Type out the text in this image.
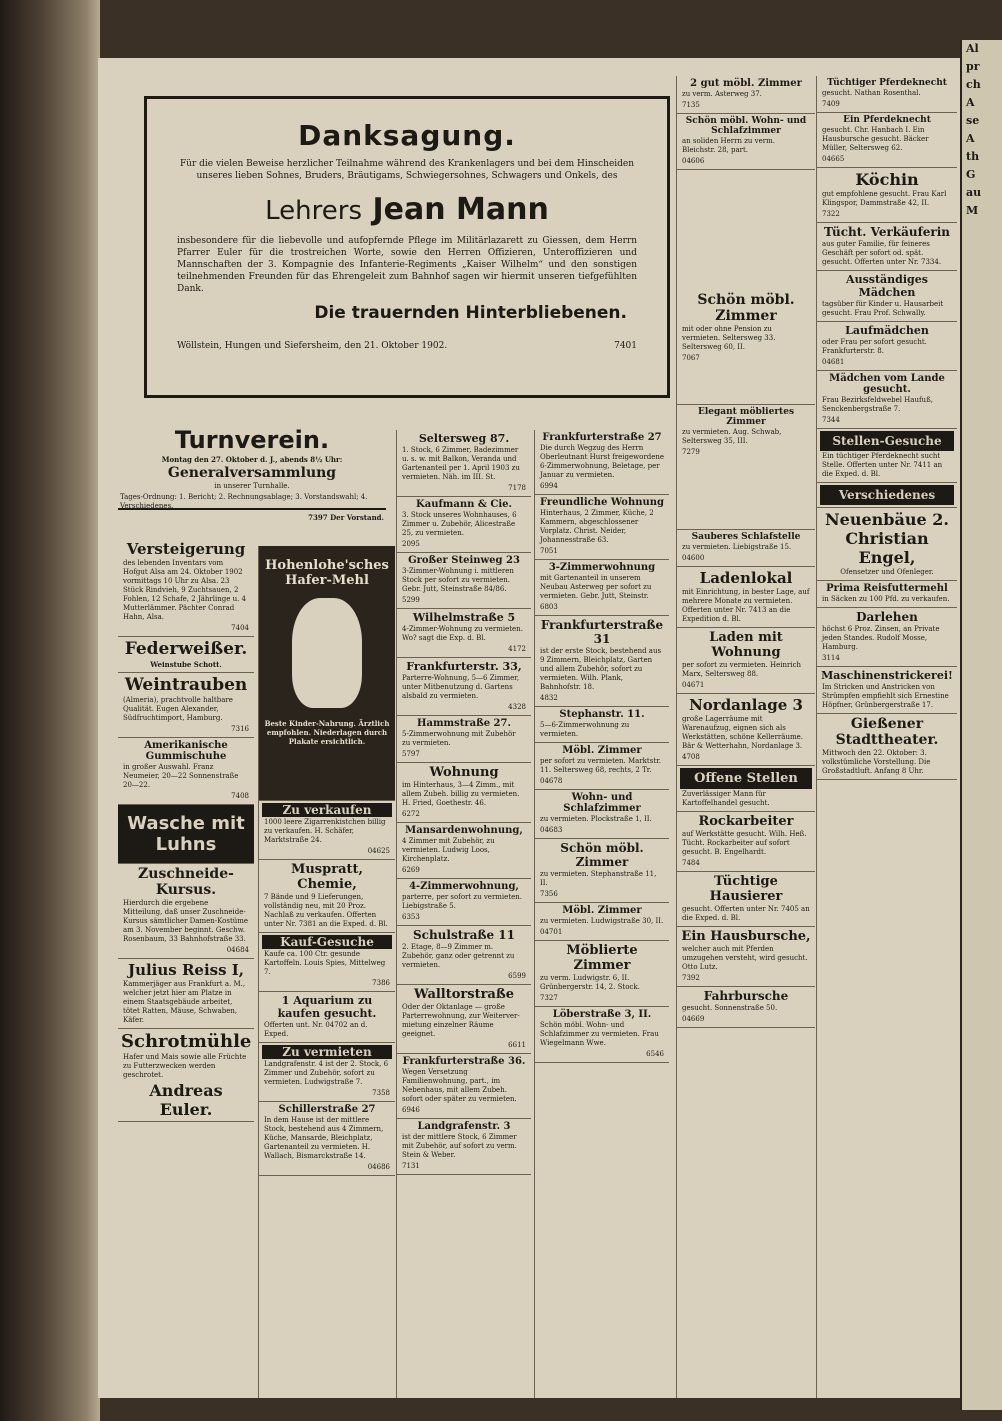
Danksagung.

Für die vielen Beweise herzlicher Teilnahme während des Krankenlagers und bei dem Hinscheiden unseres lieben Sohnes, Bruders, Bräutigams, Schwiegersohnes, Schwagers und Onkels, des

Lehrers Jean Mann

insbesondere für die liebevolle und aufopfernde Pflege im Militärlazarett zu Giessen, dem Herrn Pfarrer Euler für die trostreichen Worte, sowie den Herren Offizieren, Unteroffizieren und Mannschaften der 3. Kompagnie des Infanterie-Regiments „Kaiser Wilhelm“ und den sonstigen teilnehmenden Freunden für das Ehrengeleit zum Bahnhof sagen wir hiermit unseren tiefgefühlten Dank.

Die trauernden Hinterbliebenen.
Wöllstein, Hungen und Siefersheim, den 21. Oktober 1902.	7401
Turnverein.
Montag den 27. Oktober d. J., abends 8½ Uhr:
Generalversammlung
in unserer Turnhalle.
Tages-Ordnung: 1. Bericht; 2. Rechnungsablage; 3. Vorstandswahl; 4. Verschiedenes.
7397 Der Vorstand.
Versteigerung

des lebenden Inventars vom Hofgut Alsa am 24. Oktober 1902 vormittags 10 Uhr zu Alsa. 23 Stück Rindvieh, 9 Zuchtsauen, 2 Fohlen, 12 Schafe, 2 Jährlinge u. 4 Mutterlämmer. Pächter Conrad Hahn, Alsa.

7404

Federweißer.

Weinstube Schott.

Weintrauben

(Almeria), prachtvolle haltbare Qualität. Eugen Alexander, Südfruchtimport, Hamburg.

7316

Amerikanische Gummischuhe

in großer Auswahl. Franz Neumeier, 20—22 Sonnenstraße 20—22.

7408

Wasche mit Luhns
Zuschneide-Kursus.

Hierdurch die ergebene Mitteilung, daß unser Zuschneide-Kursus sämtlicher Damen-Kostüme am 3. November beginnt. Geschw. Rosenbaum, 33 Bahnhofstraße 33.

04684

Julius Reiss I,

Kammerjäger aus Frankfurt a. M., welcher jetzt hier am Platze in einem Staatsgebäude arbeitet, tötet Ratten, Mäuse, Schwaben, Käfer.

Schrotmühle

Hafer und Mais sowie alle Früchte zu Futterzwecken werden geschrotet.

Andreas Euler.
Hohenlohe'sches Hafer-Mehl

Beste Kinder-Nahrung. Ärztlich empfohlen. Niederlagen durch Plakate ersichtlich.

Zu verkaufen

1000 leere Zigarrenkistchen billig zu verkaufen. H. Schäfer, Marktstraße 24.

04625

Muspratt, Chemie,

7 Bände und 9 Lieferungen, vollständig neu, mit 20 Proz. Nachlaß zu verkaufen. Offerten unter Nr. 7381 an die Exped. d. Bl.

Kauf-Gesuche

Kaufe ca. 100 Ctr. gesunde Kartoffeln. Louis Spies, Mittelweg 7.

7386

1 Aquarium zu kaufen gesucht.

Offerten unt. Nr. 04702 an d. Exped.

Zu vermieten

Landgrafenstr. 4 ist der 2. Stock, 6 Zimmer und Zubehör, sofort zu vermieten. Ludwigstraße 7.

7358

Schillerstraße 27

In dem Hause ist der mittlere Stock, bestehend aus 4 Zimmern, Küche, Mansarde, Bleichplatz, Gartenanteil zu vermieten. H. Wallach, Bismarckstraße 14.

04686

Seltersweg 87.

1. Stock, 6 Zimmer, Badezimmer u. s. w. mit Balkon, Veranda und Gartenanteil per 1. April 1903 zu vermieten. Näh. im III. St.

7178

Kaufmann & Cie.

3. Stock unseres Wohnhauses, 6 Zimmer u. Zubehör, Alicestraße 25, zu vermieten.

2095

Großer Steinweg 23

3-Zimmer-Wohnung i. mittleren Stock per sofort zu vermieten. Gebr. Jutt, Steinstraße 84/86.

5299

Wilhelmstraße 5

4-Zimmer-Wohnung zu vermieten. Wo? sagt die Exp. d. Bl.

4172

Frankfurterstr. 33,

Parterre-Wohnung, 5—6 Zimmer, unter Mitbenutzung d. Gartens alsbald zu vermieten.

4328

Hammstraße 27.

5-Zimmerwohnung mit Zubehör zu vermieten.

5797

Wohnung

im Hinterhaus, 3—4 Zimm., mit allem Zubeh. billig zu vermieten. H. Fried, Goethestr. 46.

6272

Mansardenwohnung,

4 Zimmer mit Zubehör, zu vermieten. Ludwig Loos, Kirchenplatz.

6269

4-Zimmerwohnung,

parterre, per sofort zu vermieten. Liebigstraße 5.

6353

Schulstraße 11

2. Etage, 8—9 Zimmer m. Zubehör, ganz oder getrennt zu vermieten.

6599

Walltorstraße

Oder der Oktanlage — große Parterrewohnung, zur Weitervermietung einzelner Räume geeignet.

6611

Frankfurterstraße 36.

Wegen Versetzung Familienwohnung, part., im Nebenhaus, mit allem Zubeh. sofort oder später zu vermieten.

6946

Landgrafenstr. 3

ist der mittlere Stock, 6 Zimmer mit Zubehör, auf sofort zu verm. Stein & Weber.

7131

Frankfurterstraße 27

Die durch Wegzug des Herrn Oberleutnant Hurst freigewordene 6-Zimmerwohnung, Beletage, per Januar zu vermieten.

6994

Freundliche Wohnung

Hinterhaus, 2 Zimmer, Küche, 2 Kammern, abgeschlossener Vorplatz. Christ. Neider, Johannesstraße 63.

7051

3-Zimmerwohnung

mit Gartenanteil in unserem Neubau Asterweg per sofort zu vermieten. Gebr. Jutt, Steinstr.

6803

Frankfurterstraße 31

ist der erste Stock, bestehend aus 9 Zimmern, Bleichplatz, Garten und allem Zubehör, sofort zu vermieten. Wilh. Plank, Bahnhofstr. 18.

4832

Stephanstr. 11.

5—6-Zimmerwohnung zu vermieten.

Möbl. Zimmer

per sofort zu vermieten. Marktstr. 11. Seltersweg 68, rechts, 2 Tr.

04678

Wohn- und Schlafzimmer

zu vermieten. Plockstraße 1, II.

04683

Schön möbl. Zimmer

zu vermieten. Stephanstraße 11, II.

7356

Möbl. Zimmer

zu vermieten. Ludwigstraße 30, II.

04701

Möblierte Zimmer

zu verm. Ludwigstr. 6, II. Grünbergerstr. 14, 2. Stock.

7327

Löberstraße 3, II.

Schön möbl. Wohn- und Schlafzimmer zu vermieten. Frau Wiegelmann Wwe.

6546

2 gut möbl. Zimmer

zu verm. Asterweg 37.

7135

Schön möbl. Wohn- und Schlafzimmer

an soliden Herrn zu verm. Bleichstr. 28, part.

04606

Schön möbl. Zimmer

mit oder ohne Pension zu vermieten. Seltersweg 33. Seltersweg 60, II.

7067

Elegant möbliertes Zimmer

zu vermieten. Aug. Schwab, Seltersweg 35, III.

7279

Sauberes Schlafstelle

zu vermieten. Liebigstraße 15.

04600

Ladenlokal

mit Einrichtung, in bester Lage, auf mehrere Monate zu vermieten. Offerten unter Nr. 7413 an die Expedition d. Bl.

Laden mit Wohnung

per sofort zu vermieten. Heinrich Marx, Seltersweg 88.

04671

Nordanlage 3

große Lagerräume mit Warenaufzug, eignen sich als Werkstätten, schöne Kellerräume. Bär & Wetterhahn, Nordanlage 3.

4708

Offene Stellen

Zuverlässiger Mann für Kartoffelhandel gesucht.

Rockarbeiter

auf Werkstätte gesucht. Wilh. Heß. Tücht. Rockarbeiter auf sofort gesucht. B. Engelhardt.

7484

Tüchtige Hausierer

gesucht. Offerten unter Nr. 7405 an die Exped. d. Bl.

Ein Hausbursche,

welcher auch mit Pferden umzugehen versteht, wird gesucht. Otto Lutz.

7392

Fahrbursche

gesucht. Sonnenstraße 50.

04669

Tüchtiger Pferdeknecht

gesucht. Nathan Rosenthal.

7409

Ein Pferdeknecht

gesucht. Chr. Hanbach I. Ein Hausbursche gesucht. Bäcker Müller, Seltersweg 62.

04665

Köchin

gut empfohlene gesucht. Frau Karl Klingspor, Dammstraße 42, II.

7322

Tücht. Verkäuferin

aus guter Familie, für feineres Geschäft per sofort od. spät. gesucht. Offerten unter Nr. 7334.

Ausständiges Mädchen

tagsüber für Kinder u. Hausarbeit gesucht. Frau Prof. Schwally.

Laufmädchen

oder Frau per sofort gesucht. Frankfurterstr. 8.

04681

Mädchen vom Lande gesucht.

Frau Bezirksfeldwebel Haufuß, Senckenbergstraße 7.

7344

Stellen-Gesuche

Ein tüchtiger Pferdeknecht sucht Stelle. Offerten unter Nr. 7411 an die Exped. d. Bl.

Verschiedenes
Neuenbäue 2. Christian Engel,

Ofensetzer und Ofenleger.

Prima Reisfuttermehl

in Säcken zu 100 Pfd. zu verkaufen.

Darlehen

höchst 6 Proz. Zinsen, an Private jeden Standes. Rudolf Mosse, Hamburg.

3114

Maschinenstrickerei!

Im Stricken und Anstricken von Strümpfen empfiehlt sich Ernestine Höpfner, Grünbergerstraße 17.

Gießener Stadttheater.

Mittwoch den 22. Oktober: 3. volkstümliche Vorstellung. Die Großstadtluft. Anfang 8 Uhr.

Al
pr
ch
A
se
A
th
G
au
M
